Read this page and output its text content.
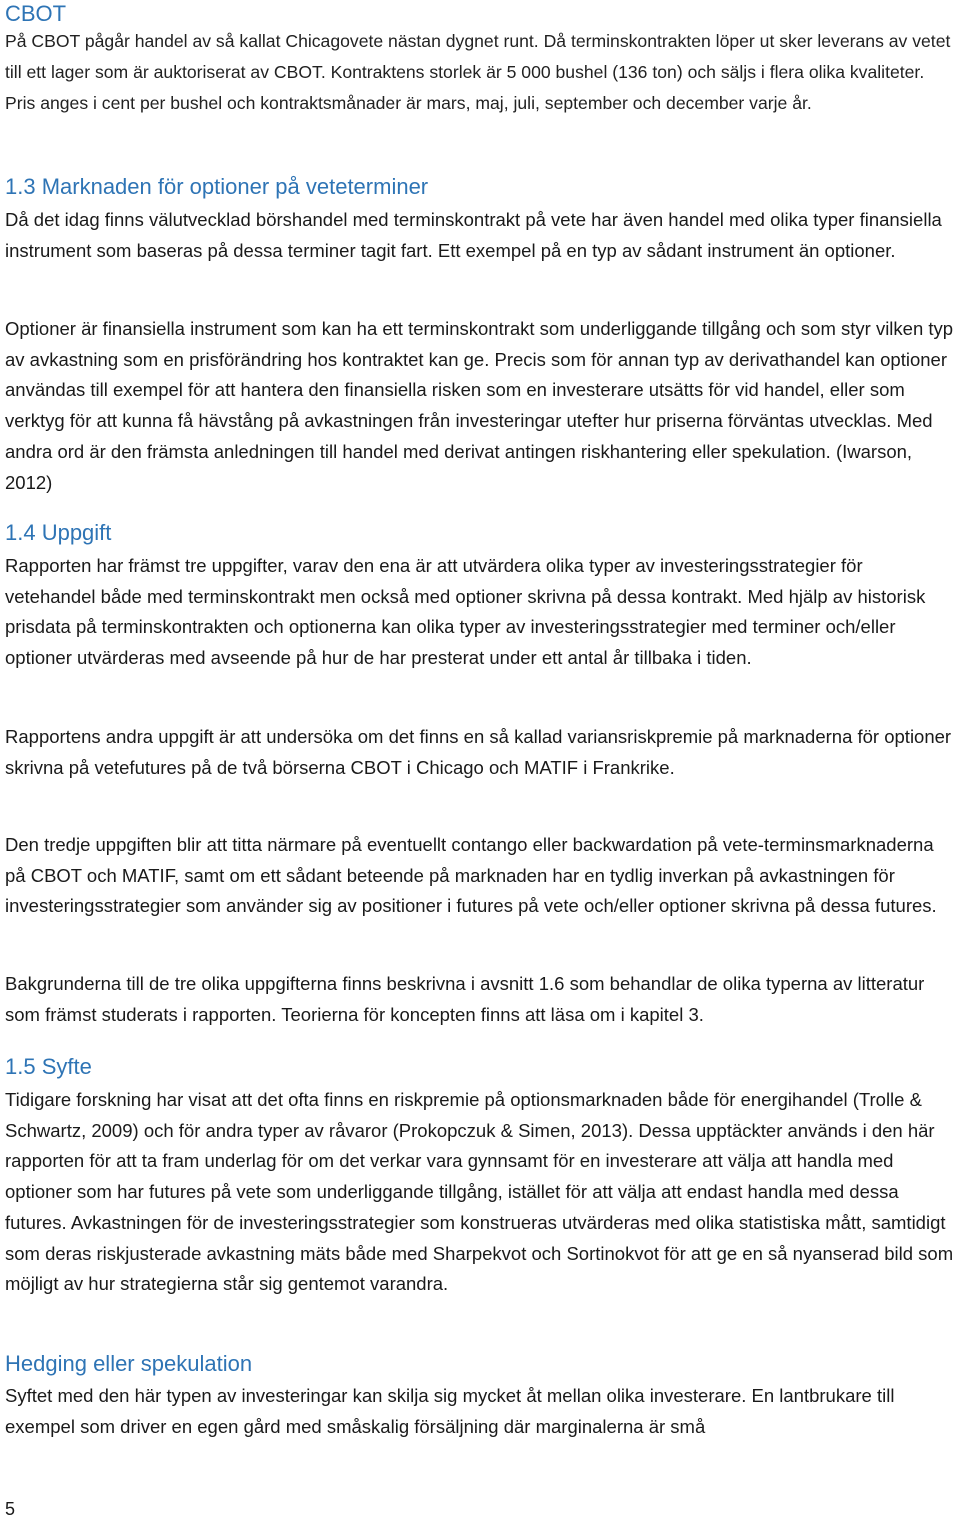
CBOT

På CBOT pågår handel av så kallat Chicagovete nästan dygnet runt. Då terminskontrakten löper ut sker leverans av vetet till ett lager som är auktoriserat av CBOT. Kontraktens storlek är 5 000 bushel (136 ton) och säljs i flera olika kvaliteter. Pris anges i cent per bushel och kontraktsmånader är mars, maj, juli, september och december varje år.

1.3 Marknaden för optioner på veteterminer

Då det idag finns välutvecklad börshandel med terminskontrakt på vete har även handel med olika typer finansiella instrument som baseras på dessa terminer tagit fart. Ett exempel på en typ av sådant instrument än optioner.

Optioner är finansiella instrument som kan ha ett terminskontrakt som underliggande tillgång och som styr vilken typ av avkastning som en prisförändring hos kontraktet kan ge. Precis som för annan typ av derivathandel kan optioner användas till exempel för att hantera den finansiella risken som en investerare utsätts för vid handel, eller som verktyg för att kunna få hävstång på avkastningen från investeringar utefter hur priserna förväntas utvecklas. Med andra ord är den främsta anledningen till handel med derivat antingen riskhantering eller spekulation. (Iwarson, 2012)

1.4 Uppgift

Rapporten har främst tre uppgifter, varav den ena är att utvärdera olika typer av investeringsstrategier för vetehandel både med terminskontrakt men också med optioner skrivna på dessa kontrakt. Med hjälp av historisk prisdata på terminskontrakten och optionerna kan olika typer av investeringsstrategier med terminer och/eller optioner utvärderas med avseende på hur de har presterat under ett antal år tillbaka i tiden.

Rapportens andra uppgift är att undersöka om det finns en så kallad variansriskpremie på marknaderna för optioner skrivna på vetefutures på de två börserna CBOT i Chicago och MATIF i Frankrike.

Den tredje uppgiften blir att titta närmare på eventuellt contango eller backwardation på vete-terminsmarknaderna på CBOT och MATIF, samt om ett sådant beteende på marknaden har en tydlig inverkan på avkastningen för investeringsstrategier som använder sig av positioner i futures på vete och/eller optioner skrivna på dessa futures.

Bakgrunderna till de tre olika uppgifterna finns beskrivna i avsnitt 1.6 som behandlar de olika typerna av litteratur som främst studerats i rapporten. Teorierna för koncepten finns att läsa om i kapitel 3.

1.5 Syfte

Tidigare forskning har visat att det ofta finns en riskpremie på optionsmarknaden både för energihandel (Trolle & Schwartz, 2009) och för andra typer av råvaror (Prokopczuk & Simen, 2013). Dessa upptäckter används i den här rapporten för att ta fram underlag för om det verkar vara gynnsamt för en investerare att välja att handla med optioner som har futures på vete som underliggande tillgång, istället för att välja att endast handla med dessa futures. Avkastningen för de investeringsstrategier som konstrueras utvärderas med olika statistiska mått, samtidigt som deras riskjusterade avkastning mäts både med Sharpekvot och Sortinokvot för att ge en så nyanserad bild som möjligt av hur strategierna står sig gentemot varandra.

Hedging eller spekulation

Syftet med den här typen av investeringar kan skilja sig mycket åt mellan olika investerare. En lantbrukare till exempel som driver en egen gård med småskalig försäljning där marginalerna är små

5
